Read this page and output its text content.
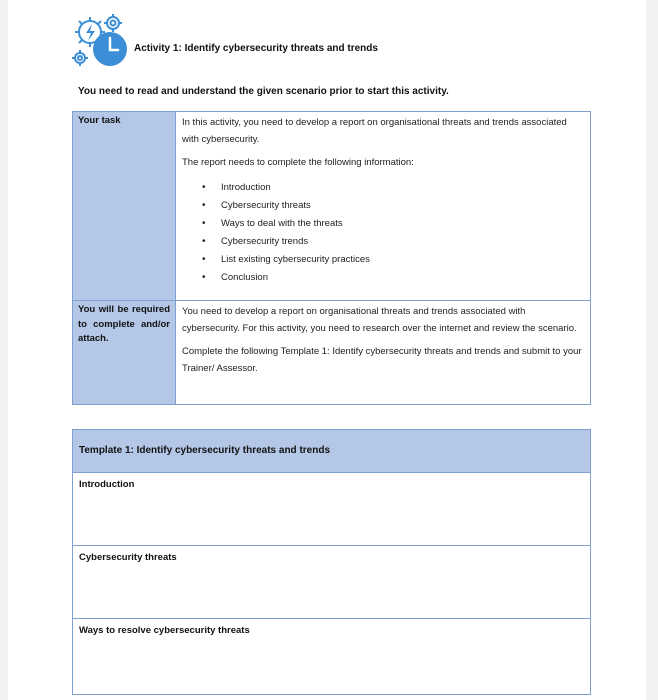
Activity 1: Identify cybersecurity threats and trends
You need to read and understand the given scenario prior to start this activity.
Your task	In this activity, you need to develop a report on organisational threats and trends associated with cybersecurity.

The report needs to complete the following information:

• Introduction
• Cybersecurity threats
• Ways to deal with the threats
• Cybersecurity trends
• List existing cybersecurity practices
• Conclusion
You will be required to complete and/or attach.

You need to develop a report on organisational threats and trends associated with cybersecurity. For this activity, you need to research over the internet and review the scenario.

Complete the following Template 1: Identify cybersecurity threats and trends and submit to your Trainer/ Assessor.

Template 1: Identify cybersecurity threats and trends
Introduction
Cybersecurity threats
Ways to resolve cybersecurity threats
